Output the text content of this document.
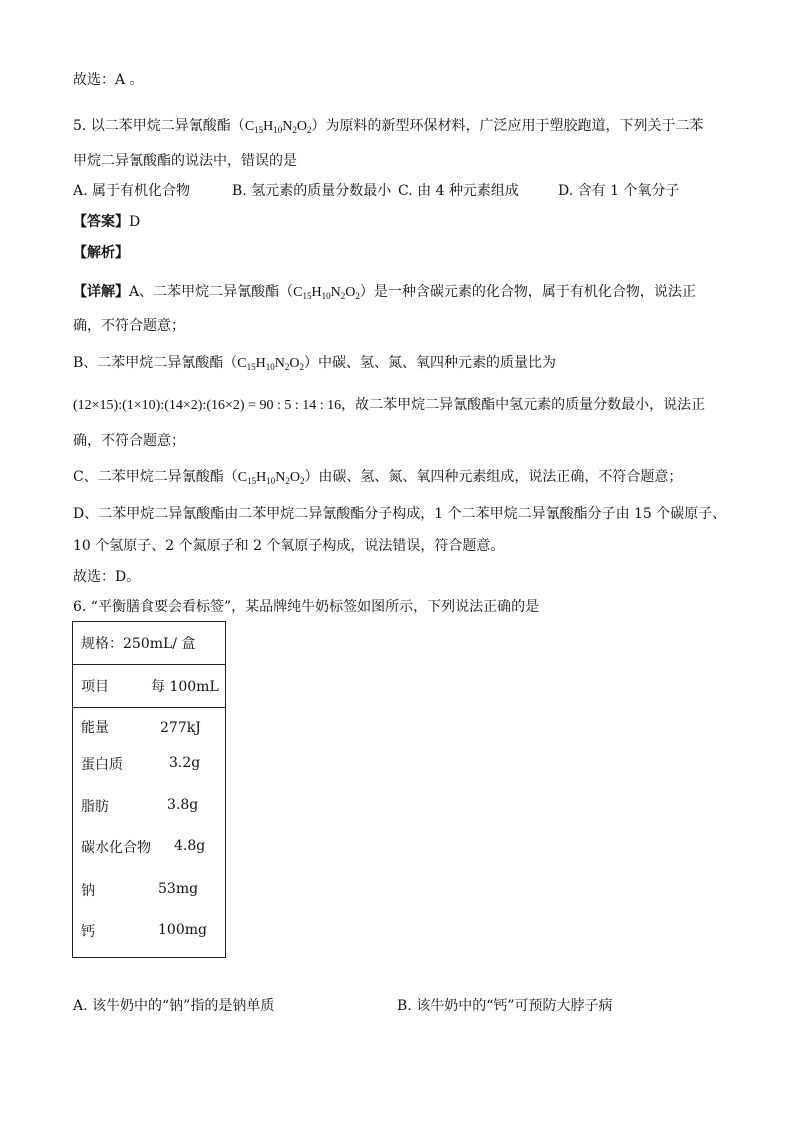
故选：A 。
5. 以二苯甲烷二异氰酸酯$(C_{15}H_{10}N_2O_2)$为原料的新型环保材料，广泛应用于塑胶跑道，下列关于二苯
甲烷二异氰酸酯的说法中，错误的是
A. 属于有机化合物	B. 氢元素的质量分数最小 C. 由 4 种元素组成	D. 含有 1 个氧分子
【答案】D
【解析】
【详解】A、二苯甲烷二异氰酸酯$(C_{15}H_{10}N_2O_2)$是一种含碳元素的化合物，属于有机化合物，说法正
确，不符合题意；
B、二苯甲烷二异氰酸酯$(C_{15}H_{10}N_2O_2)$中碳、氢、氮、氧四种元素的质量比为
(12×15):(1×10):(14×2):(16×2) = 90 : 5 : 14 : 16，故二苯甲烷二异氰酸酯中氢元素的质量分数最小，说法正
确，不符合题意；
C、二苯甲烷二异氰酸酯$(C_{15}H_{10}N_2O_2)$由碳、氢、氮、氧四种元素组成，说法正确，不符合题意；
D、二苯甲烷二异氰酸酯由二苯甲烷二异氰酸酯分子构成，1 个二苯甲烷二异氰酸酯分子由 15 个碳原子、
10 个氢原子、2 个氮原子和 2 个氧原子构成，说法错误，符合题意。
故选：D。
6. “平衡膳食要会看标签”，某品牌纯牛奶标签如图所示，下列说法正确的是
规格：250mL/ 盒
项目	每 100mL
能量	277kJ
蛋白质	3.2g
脂肪	3.8g
碳水化合物 4.8g
钠	53mg
钙	100mg
A. 该牛奶中的“钠”指的是钠单质	B. 该牛奶中的“钙”可预防大脖子病
